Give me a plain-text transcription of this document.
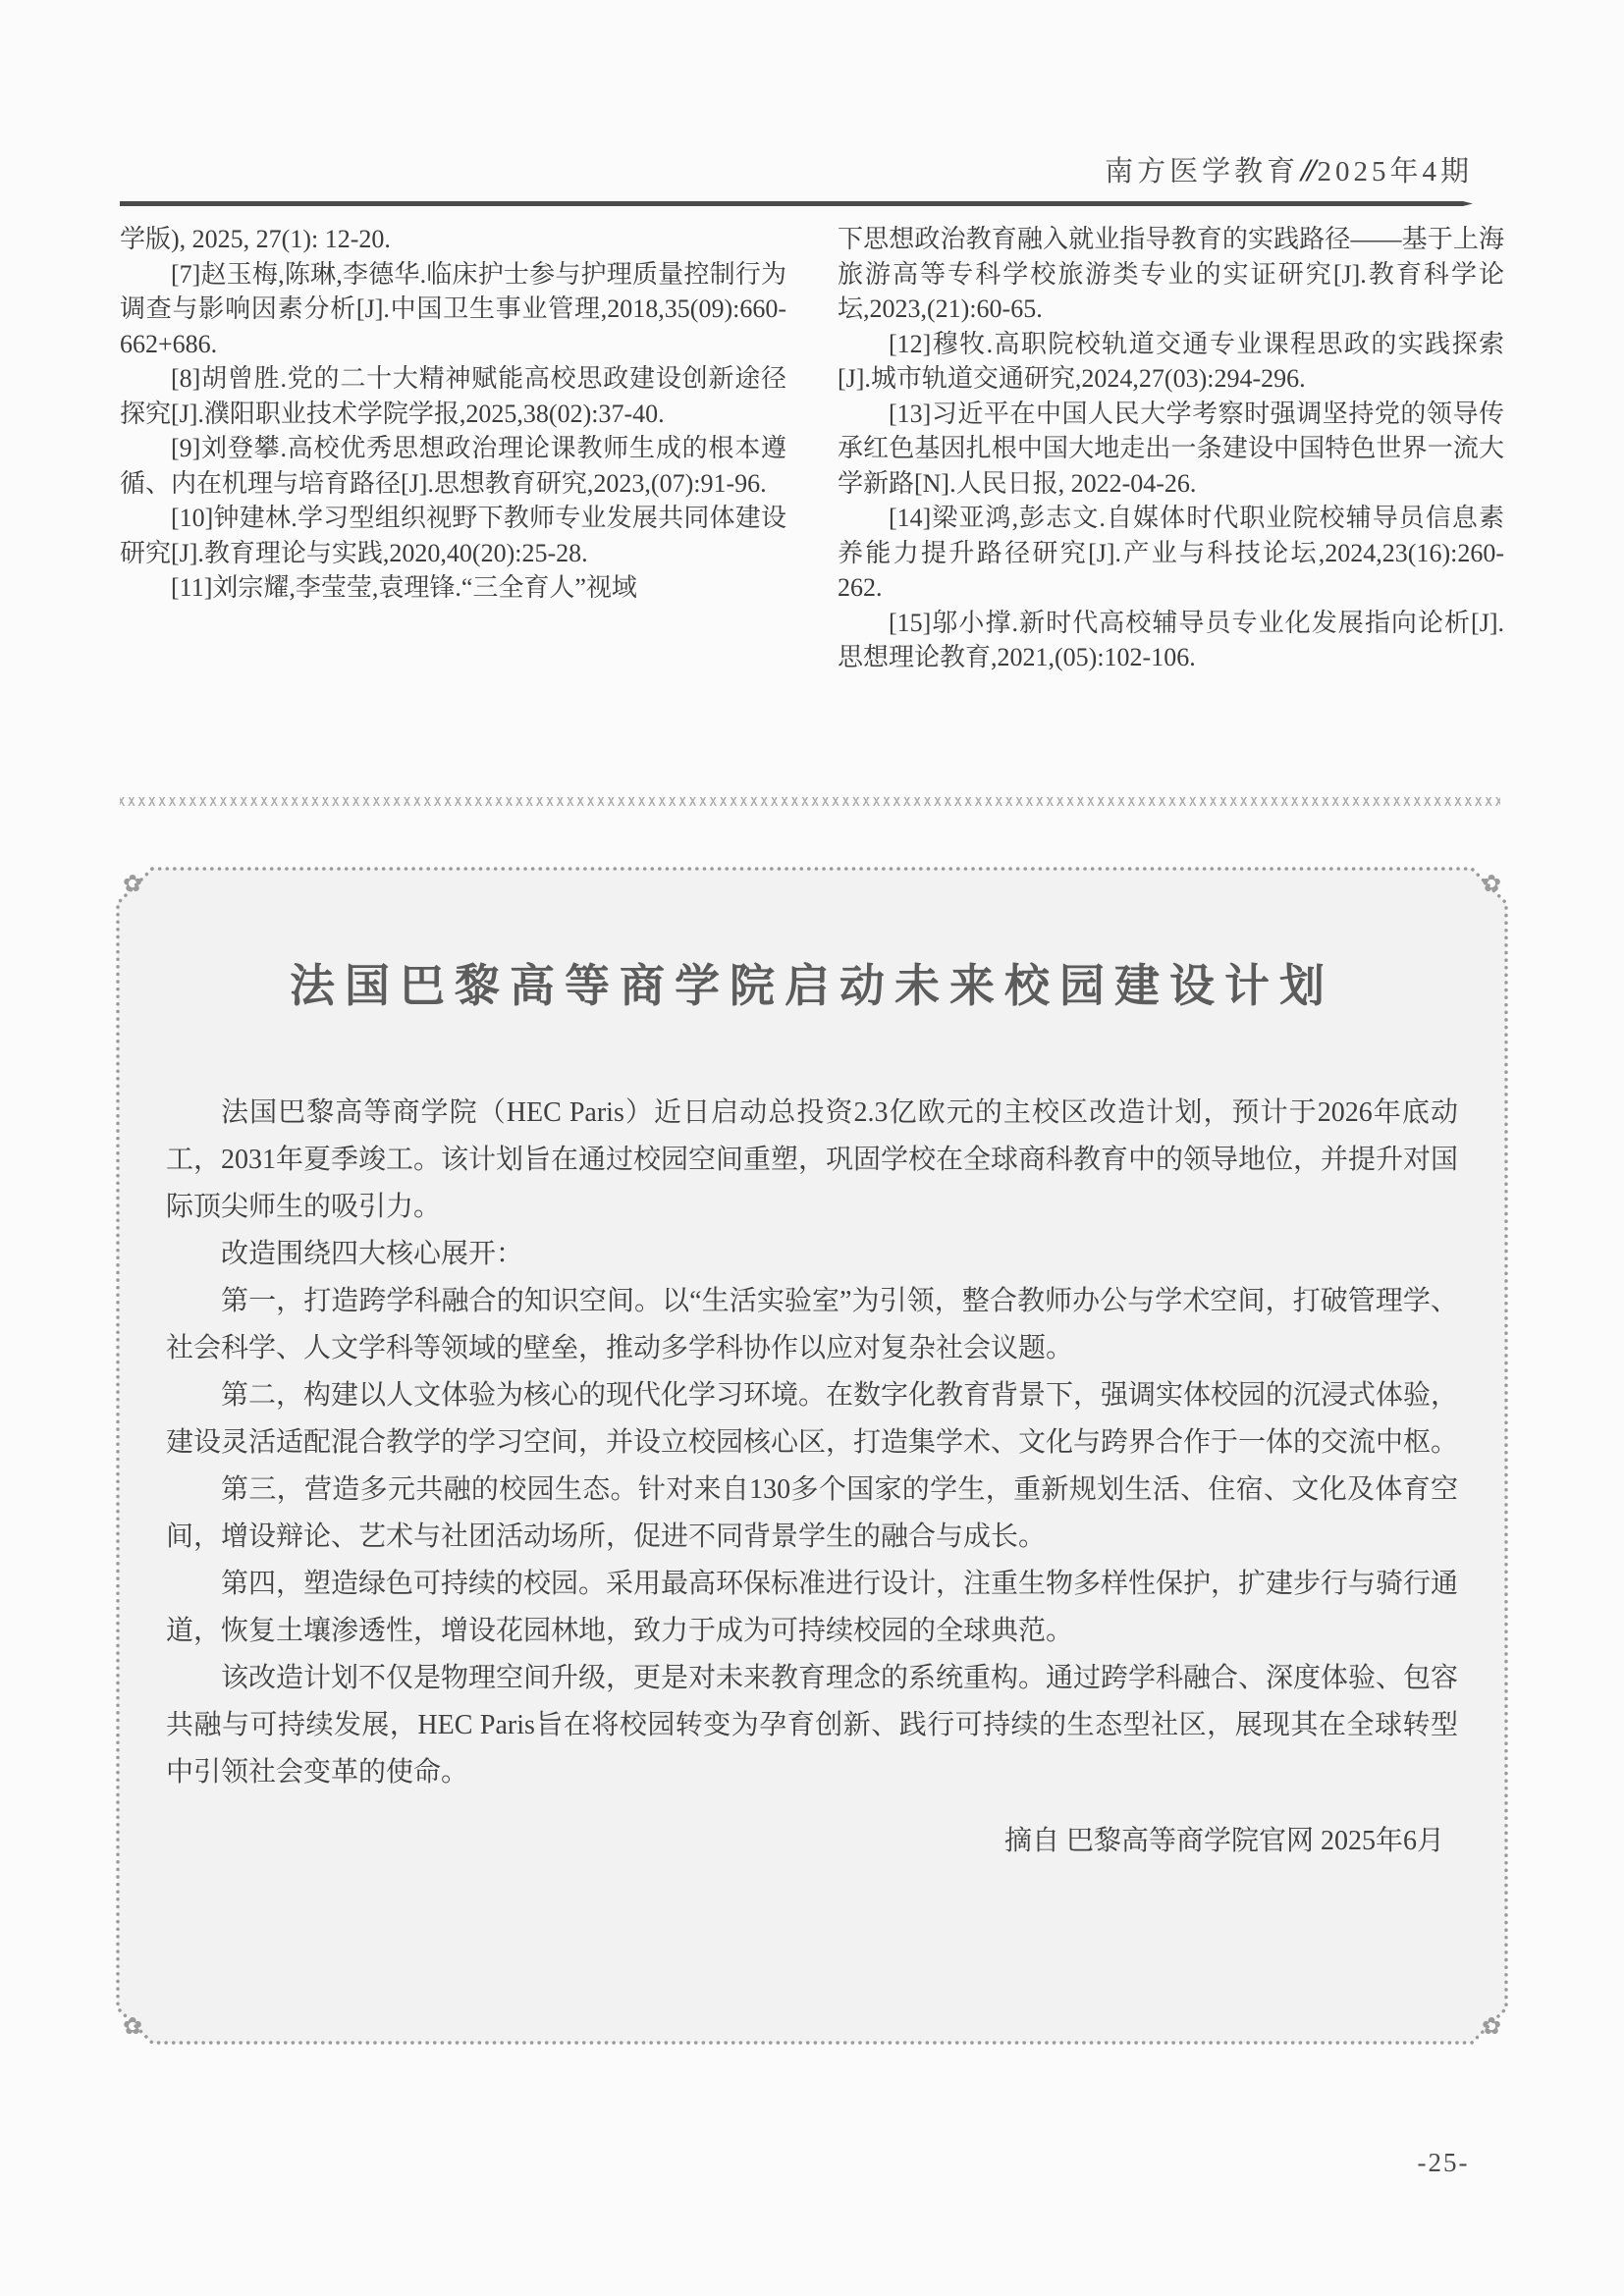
南方医学教育// 2025年4期

学版), 2025, 27(1): 12-20.

[7]赵玉梅,陈琳,李德华.临床护士参与护理质量控制行为调查与影响因素分析[J].中国卫生事业管理,2018,35(09):660-662+686.

[8]胡曾胜.党的二十大精神赋能高校思政建设创新途径探究[J].濮阳职业技术学院学报,2025,38(02):37-40.

[9]刘登攀.高校优秀思想政治理论课教师生成的根本遵循、内在机理与培育路径[J].思想教育研究,2023,(07):91-96.

[10]钟建林.学习型组织视野下教师专业发展共同体建设研究[J].教育理论与实践,2020,40(20):25-28.

[11]刘宗耀,李莹莹,袁理锋.“三全育人”视域

下思想政治教育融入就业指导教育的实践路径——基于上海旅游高等专科学校旅游类专业的实证研究[J].教育科学论坛,2023,(21):60-65.

[12]穆牧.高职院校轨道交通专业课程思政的实践探索[J].城市轨道交通研究,2024,27(03):294-296.

[13]习近平在中国人民大学考察时强调坚持党的领导传承红色基因扎根中国大地走出一条建设中国特色世界一流大学新路[N].人民日报, 2022-04-26.

[14]梁亚鸿,彭志文.自媒体时代职业院校辅导员信息素养能力提升路径研究[J].产业与科技论坛,2024,23(16):260-262.

[15]邬小撑.新时代高校辅导员专业化发展指向论析[J].思想理论教育,2021,(05):102-106.

✿	✿
✿	✿
法国巴黎高等商学院启动未来校园建设计划

法国巴黎高等商学院（HEC Paris）近日启动总投资2.3亿欧元的主校区改造计划，预计于2026年底动工，2031年夏季竣工。该计划旨在通过校园空间重塑，巩固学校在全球商科教育中的领导地位，并提升对国际顶尖师生的吸引力。

改造围绕四大核心展开：

第一，打造跨学科融合的知识空间。以“生活实验室”为引领，整合教师办公与学术空间，打破管理学、社会科学、人文学科等领域的壁垒，推动多学科协作以应对复杂社会议题。

第二，构建以人文体验为核心的现代化学习环境。在数字化教育背景下，强调实体校园的沉浸式体验，建设灵活适配混合教学的学习空间，并设立校园核心区，打造集学术、文化与跨界合作于一体的交流中枢。

第三，营造多元共融的校园生态。针对来自130多个国家的学生，重新规划生活、住宿、文化及体育空间，增设辩论、艺术与社团活动场所，促进不同背景学生的融合与成长。

第四，塑造绿色可持续的校园。采用最高环保标准进行设计，注重生物多样性保护，扩建步行与骑行通道，恢复土壤渗透性，增设花园林地，致力于成为可持续校园的全球典范。

该改造计划不仅是物理空间升级，更是对未来教育理念的系统重构。通过跨学科融合、深度体验、包容共融与可持续发展，HEC Paris旨在将校园转变为孕育创新、践行可持续的生态型社区，展现其在全球转型中引领社会变革的使命。

摘自 巴黎高等商学院官网 2025年6月

-25-
